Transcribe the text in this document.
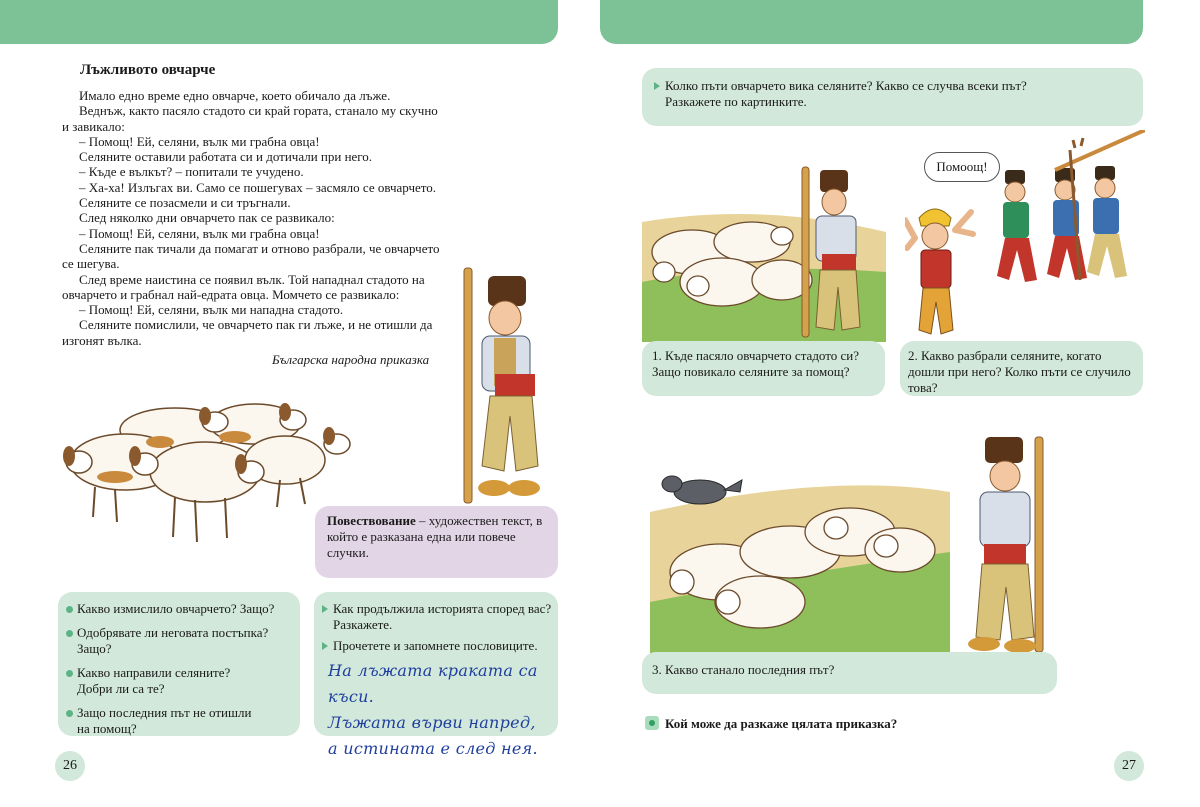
Лъжливото овчарче

Имало едно време едно овчарче, което обичало да лъже.

Веднъж, както пасяло стадото си край гората, станало му скучно и завикало:

– Помощ! Ей, селяни, вълк ми грабна овца!

Селяните оставили работата си и дотичали при него.

– Къде е вълкът? – попитали те учудено.

– Ха-ха! Излъгах ви. Само се пошегувах – засмяло се овчарчето.

Селяните се позасмели и си тръгнали.

След няколко дни овчарчето пак се развикало:

– Помощ! Ей, селяни, вълк ми грабна овца!

Селяните пак тичали да помагат и отново разбрали, че овчарчето се шегува.

След време наистина се появил вълк. Той нападнал стадото на овчарчето и грабнал най-едрата овца. Момчето се развикало:

– Помощ! Ей, селяни, вълк ми нападна стадото.

Селяните помислили, че овчарчето пак ги лъже, и не отишли да изгонят вълка.

Българска народна приказка
Повествование – художествен текст, в който е разказана една или повече случки.
Какво измислило овчарчето? Защо?
Одобрявате ли неговата постъпка? Защо?
Какво направили селяните? Добри ли са те?
Защо последния път не отишли на помощ?
Как продължила историята според вас? Разкажете.
Прочетете и запомнете пословиците.
На лъжата краката са къси.
Лъжата върви напред,
а истината е след нея.
26
Колко пъти овчарчето вика селяните? Какво се случва всеки път?
Разкажете по картинките.
Помоощ!
1. Къде пасяло овчарчето стадото си? Защо повикало селяните за помощ?
2. Какво разбрали селяните, когато дошли при него? Колко пъти се случило това?
3. Какво станало последния път?
Кой може да разкаже цялата приказка?
27
